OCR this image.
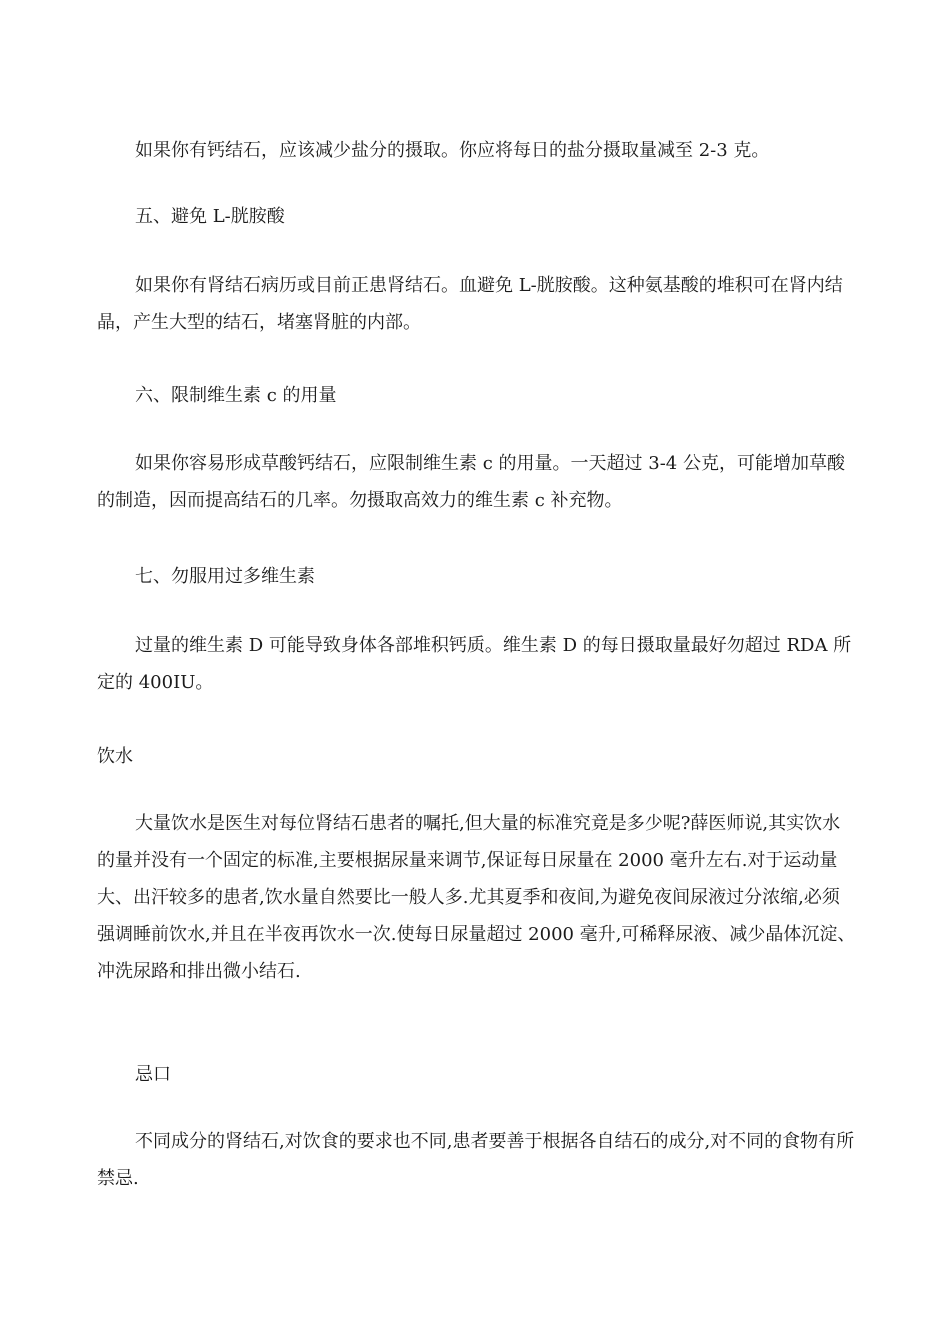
如果你有钙结石，应该减少盐分的摄取。你应将每日的盐分摄取量减至 2-3 克。

五、避免 L-胱胺酸

如果你有肾结石病历或目前正患肾结石。血避免 L-胱胺酸。这种氨基酸的堆积可在肾内结晶，产生大型的结石，堵塞肾脏的内部。

六、限制维生素 c 的用量

如果你容易形成草酸钙结石，应限制维生素 c 的用量。一天超过 3-4 公克，可能增加草酸的制造，因而提高结石的几率。勿摄取高效力的维生素 c 补充物。

七、勿服用过多维生素

过量的维生素 D 可能导致身体各部堆积钙质。维生素 D 的每日摄取量最好勿超过 RDA 所定的 400IU。

饮水

大量饮水是医生对每位肾结石患者的嘱托,但大量的标准究竟是多少呢?薛医师说,其实饮水的量并没有一个固定的标准,主要根据尿量来调节,保证每日尿量在 2000 毫升左右.对于运动量大、出汗较多的患者,饮水量自然要比一般人多.尤其夏季和夜间,为避免夜间尿液过分浓缩,必须强调睡前饮水,并且在半夜再饮水一次.使每日尿量超过 2000 毫升,可稀释尿液、减少晶体沉淀、冲洗尿路和排出微小结石.

忌口

不同成分的肾结石,对饮食的要求也不同,患者要善于根据各自结石的成分,对不同的食物有所禁忌.
